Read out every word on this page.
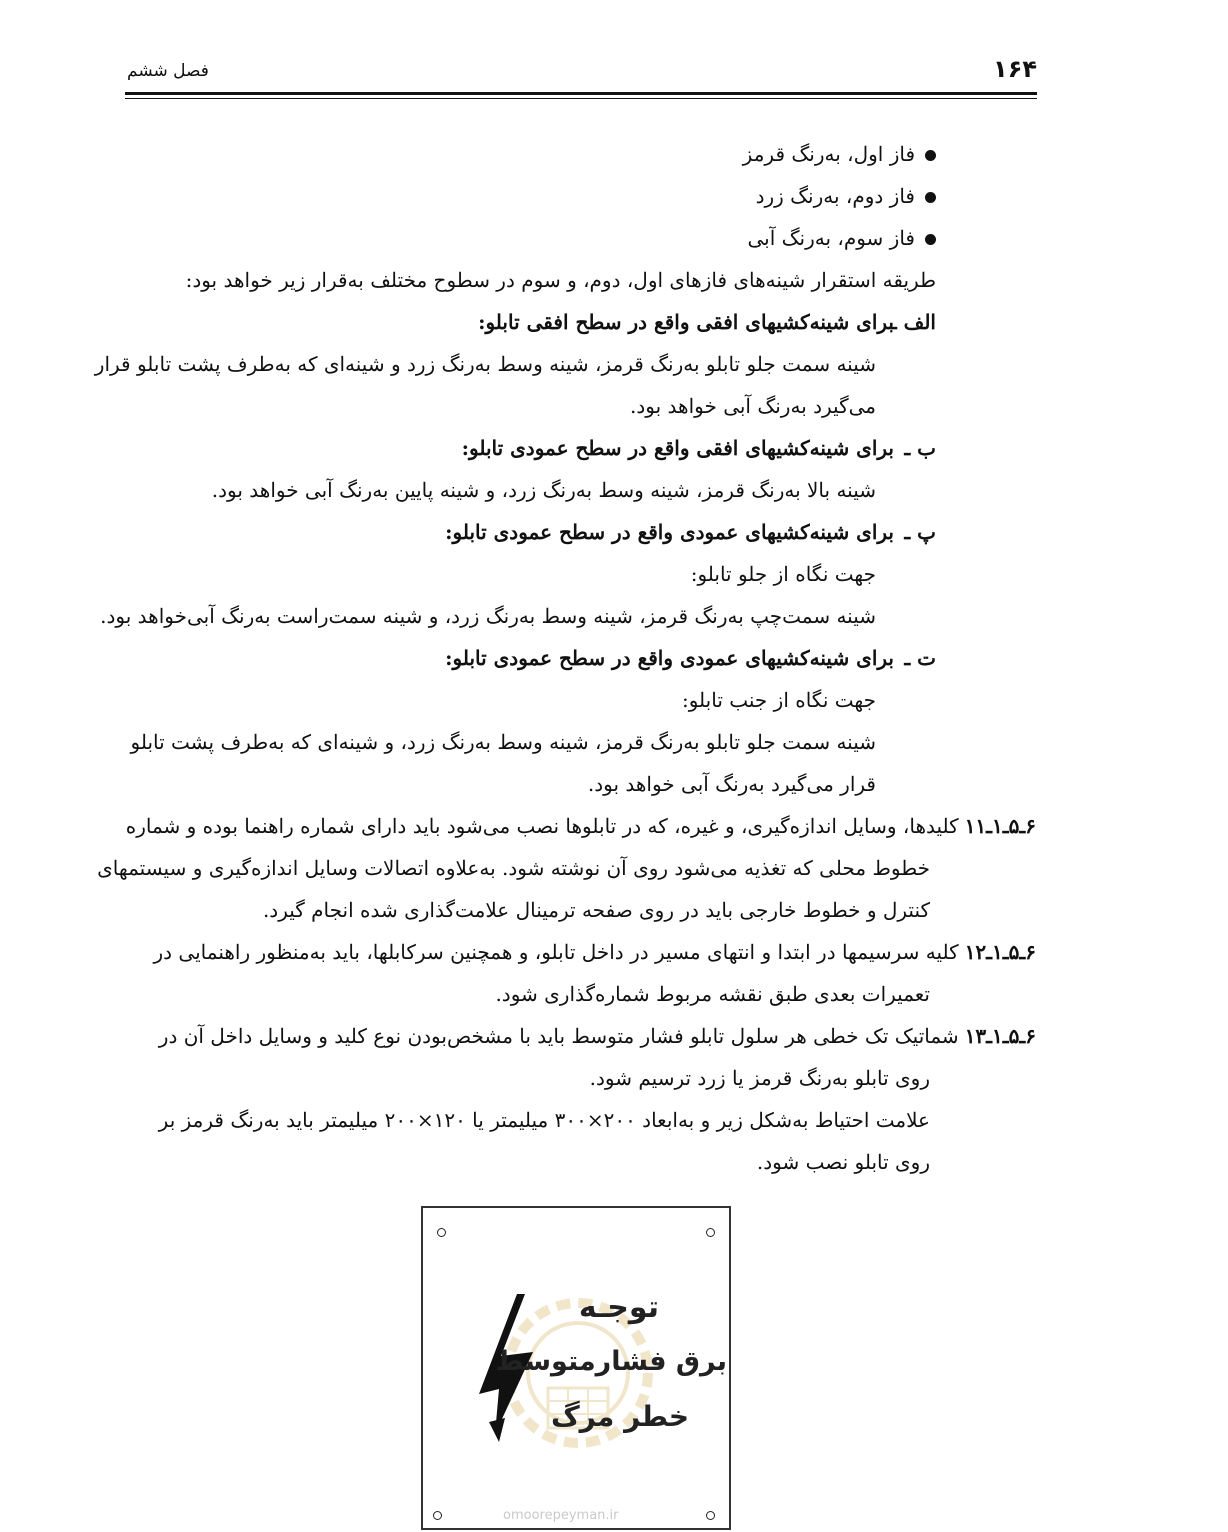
۱۶۴
فصل ششم
فاز اول، به‌رنگ قرمز
فاز دوم، به‌رنگ زرد
فاز سوم، به‌رنگ آبی
طریقه استقرار شینه‌های فازهای اول، دوم، و سوم در سطوح مختلف به‌قرار زیر خواهد بود:
الف ـبرای شینه‌کشیهای افقی واقع در سطح افقی تابلو:
شینه سمت جلو تابلو به‌رنگ قرمز، شینه وسط به‌رنگ زرد و شینه‌ای که به‌طرف پشت تابلو قرار
می‌گیرد به‌رنگ آبی خواهد بود.
ب ـبرای شینه‌کشیهای افقی واقع در سطح عمودی تابلو:
شینه بالا به‌رنگ قرمز، شینه وسط به‌رنگ زرد، و شینه پایین به‌رنگ آبی خواهد بود.
پ ـبرای شینه‌کشیهای عمودی واقع در سطح عمودی تابلو:
جهت نگاه از جلو تابلو:
شینه سمت‌چپ به‌رنگ قرمز، شینه وسط به‌رنگ زرد، و شینه سمت‌راست به‌رنگ آبی‌خواهد بود.
ت ـبرای شینه‌کشیهای عمودی واقع در سطح عمودی تابلو:
جهت نگاه از جنب تابلو:
شینه سمت جلو تابلو به‌رنگ قرمز، شینه وسط به‌رنگ زرد، و شینه‌ای که به‌طرف پشت تابلو
قرار می‌گیرد به‌رنگ آبی خواهد بود.
۶ـ۵ـ۱ـ۱۱کلیدها، وسایل اندازه‌گیری، و غیره، که در تابلوها نصب می‌شود باید دارای شماره راهنما بوده و شماره
خطوط محلی که تغذیه می‌شود روی آن نوشته شود. به‌علاوه اتصالات وسایل اندازه‌گیری و سیستمهای
کنترل و خطوط خارجی باید در روی صفحه ترمینال علامت‌گذاری شده انجام گیرد.
۶ـ۵ـ۱ـ۱۲کلیه سرسیمها در ابتدا و انتهای مسیر در داخل تابلو، و همچنین سرکابلها، باید به‌منظور راهنمایی در
تعمیرات بعدی طبق نقشه مربوط شماره‌گذاری شود.
۶ـ۵ـ۱ـ۱۳شماتیک تک خطی هر سلول تابلو فشار متوسط باید با مشخص‌بودن نوع کلید و وسایل داخل آن در
روی تابلو به‌رنگ قرمز یا زرد ترسیم شود.
علامت احتیاط به‌شکل زیر و به‌ابعاد ۲۰۰×۳۰۰ میلیمتر یا ۱۲۰×۲۰۰ میلیمتر باید به‌رنگ قرمز بر
روی تابلو نصب شود.
توجـه
برق فشارمتوسط
خطر مرگ
omoorepeyman.ir
